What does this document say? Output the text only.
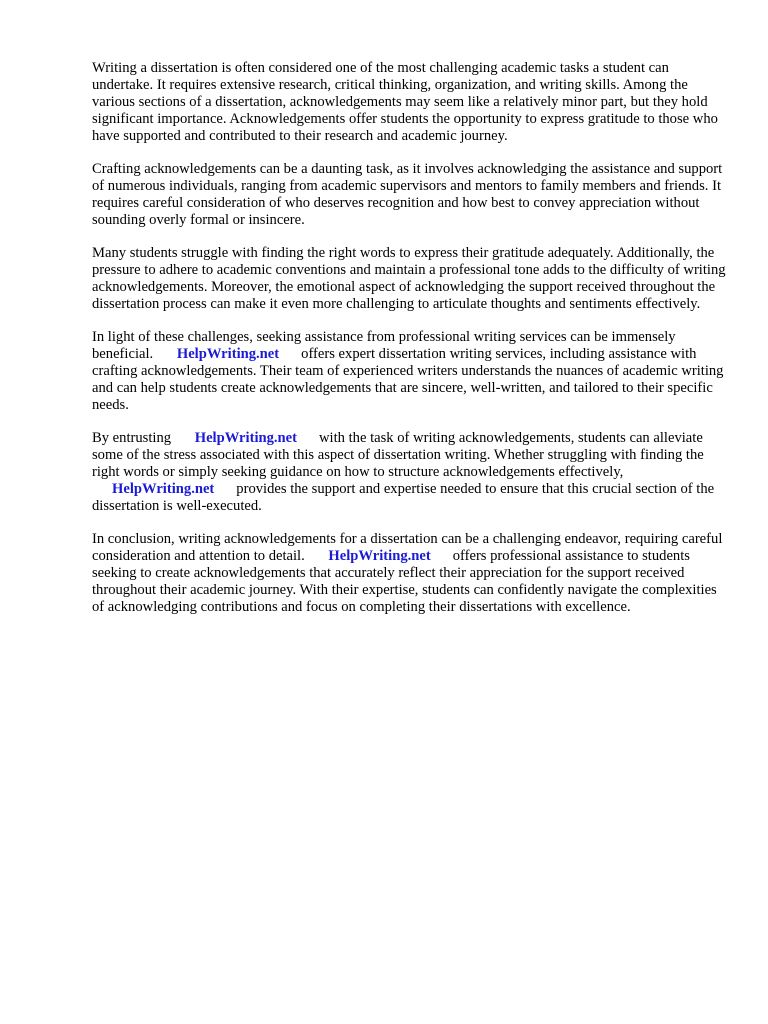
Writing a dissertation is often considered one of the most challenging academic tasks a student can undertake. It requires extensive research, critical thinking, organization, and writing skills. Among the various sections of a dissertation, acknowledgements may seem like a relatively minor part, but they hold significant importance. Acknowledgements offer students the opportunity to express gratitude to those who have supported and contributed to their research and academic journey.

Crafting acknowledgements can be a daunting task, as it involves acknowledging the assistance and support of numerous individuals, ranging from academic supervisors and mentors to family members and friends. It requires careful consideration of who deserves recognition and how best to convey appreciation without sounding overly formal or insincere.

Many students struggle with finding the right words to express their gratitude adequately. Additionally, the pressure to adhere to academic conventions and maintain a professional tone adds to the difficulty of writing acknowledgements. Moreover, the emotional aspect of acknowledging the support received throughout the dissertation process can make it even more challenging to articulate thoughts and sentiments effectively.

In light of these challenges, seeking assistance from professional writing services can be immensely beneficial. HelpWriting.net offers expert dissertation writing services, including assistance with crafting acknowledgements. Their team of experienced writers understands the nuances of academic writing and can help students create acknowledgements that are sincere, well-written, and tailored to their specific needs.

By entrusting HelpWriting.net with the task of writing acknowledgements, students can alleviate some of the stress associated with this aspect of dissertation writing. Whether struggling with finding the right words or simply seeking guidance on how to structure acknowledgements effectively, HelpWriting.net provides the support and expertise needed to ensure that this crucial section of the dissertation is well-executed.

In conclusion, writing acknowledgements for a dissertation can be a challenging endeavor, requiring careful consideration and attention to detail. HelpWriting.net offers professional assistance to students seeking to create acknowledgements that accurately reflect their appreciation for the support received throughout their academic journey. With their expertise, students can confidently navigate the complexities of acknowledging contributions and focus on completing their dissertations with excellence.
